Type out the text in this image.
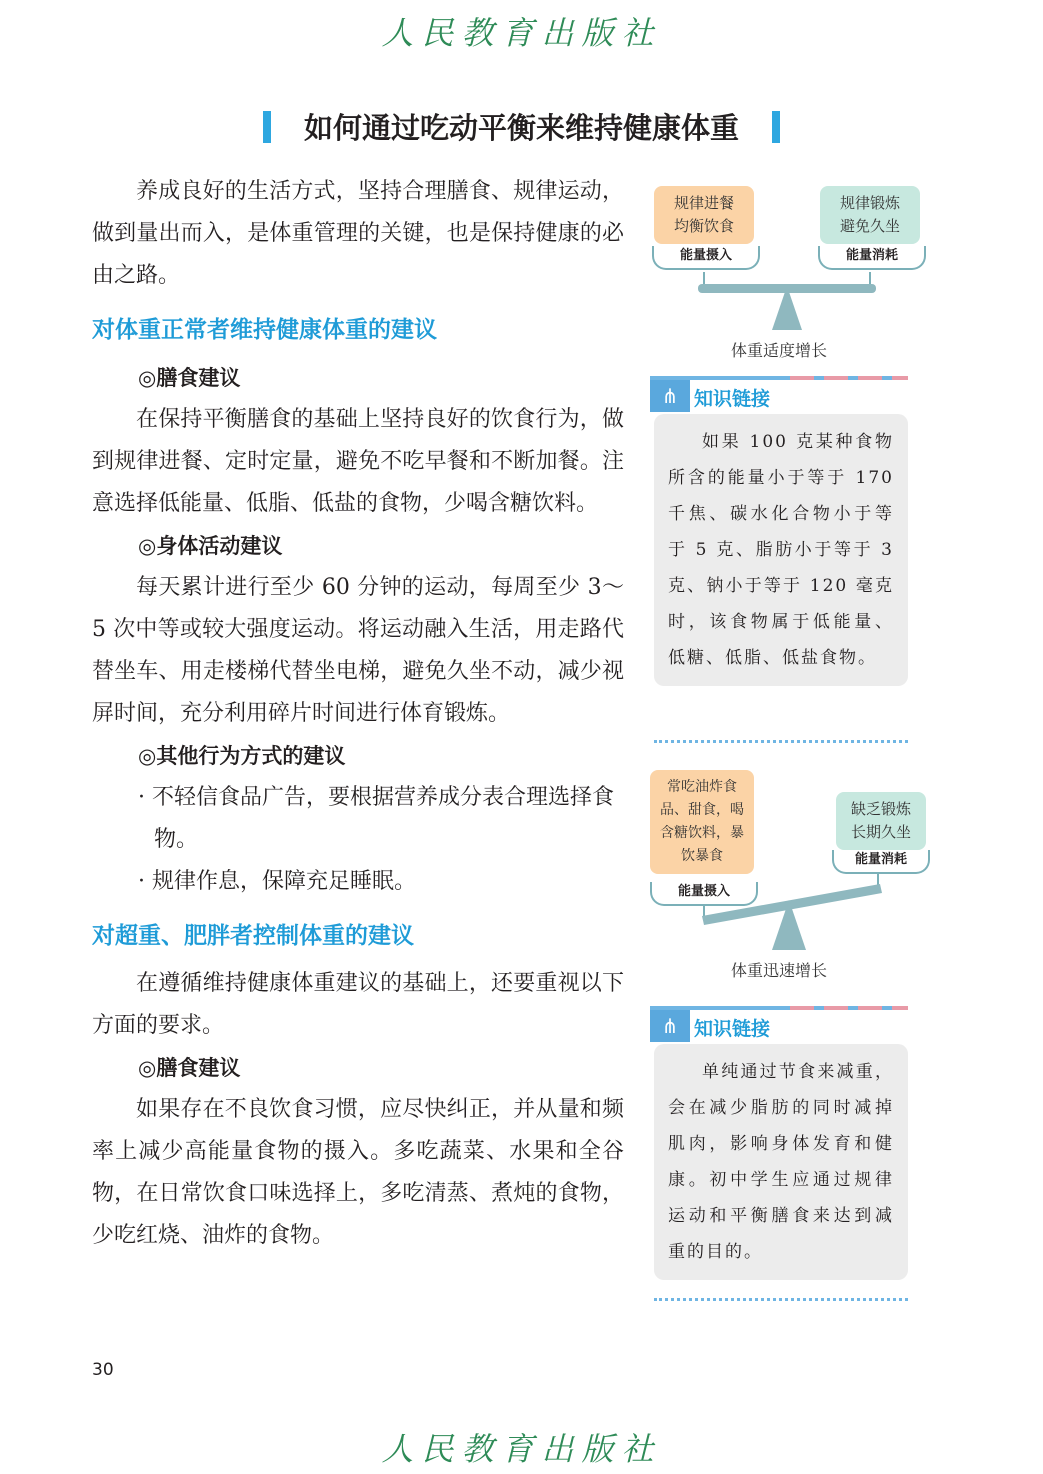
人民教育出版社
如何通过吃动平衡来维持健康体重

养成良好的生活方式，坚持合理膳食、规律运动，做到量出而入，是体重管理的关键，也是保持健康的必由之路。

对体重正常者维持健康体重的建议
◎膳食建议

在保持平衡膳食的基础上坚持良好的饮食行为，做到规律进餐、定时定量，避免不吃早餐和不断加餐。注意选择低能量、低脂、低盐的食物，少喝含糖饮料。

◎身体活动建议

每天累计进行至少 60 分钟的运动，每周至少 3～5 次中等或较大强度运动。将运动融入生活，用走路代替坐车、用走楼梯代替坐电梯，避免久坐不动，减少视屏时间，充分利用碎片时间进行体育锻炼。

◎其他行为方式的建议
· 不轻信食品广告，要根据营养成分表合理选择食物。
· 规律作息，保障充足睡眠。
对超重、肥胖者控制体重的建议

在遵循维持健康体重建议的基础上，还要重视以下方面的要求。

◎膳食建议

如果存在不良饮食习惯，应尽快纠正，并从量和频率上减少高能量食物的摄入。多吃蔬菜、水果和全谷物，在日常饮食口味选择上，多吃清蒸、煮炖的食物，少吃红烧、油炸的食物。

规律进餐
均衡饮食
规律锻炼
避免久坐
能量摄入	能量消耗
体重适度增长
⋔ 知识链接

如果 100 克某种食物所含的能量小于等于 170 千焦、碳水化合物小于等于 5 克、脂肪小于等于 3 克、钠小于等于 120 毫克时，该食物属于低能量、低糖、低脂、低盐食物。

常吃油炸食
品、甜食，喝
含糖饮料，暴
饮暴食
缺乏锻炼
长期久坐
能量摄入
能量消耗
体重迅速增长
⋔ 知识链接

单纯通过节食来减重，会在减少脂肪的同时减掉肌肉，影响身体发育和健康。初中学生应通过规律运动和平衡膳食来达到减重的目的。

30
人民教育出版社
